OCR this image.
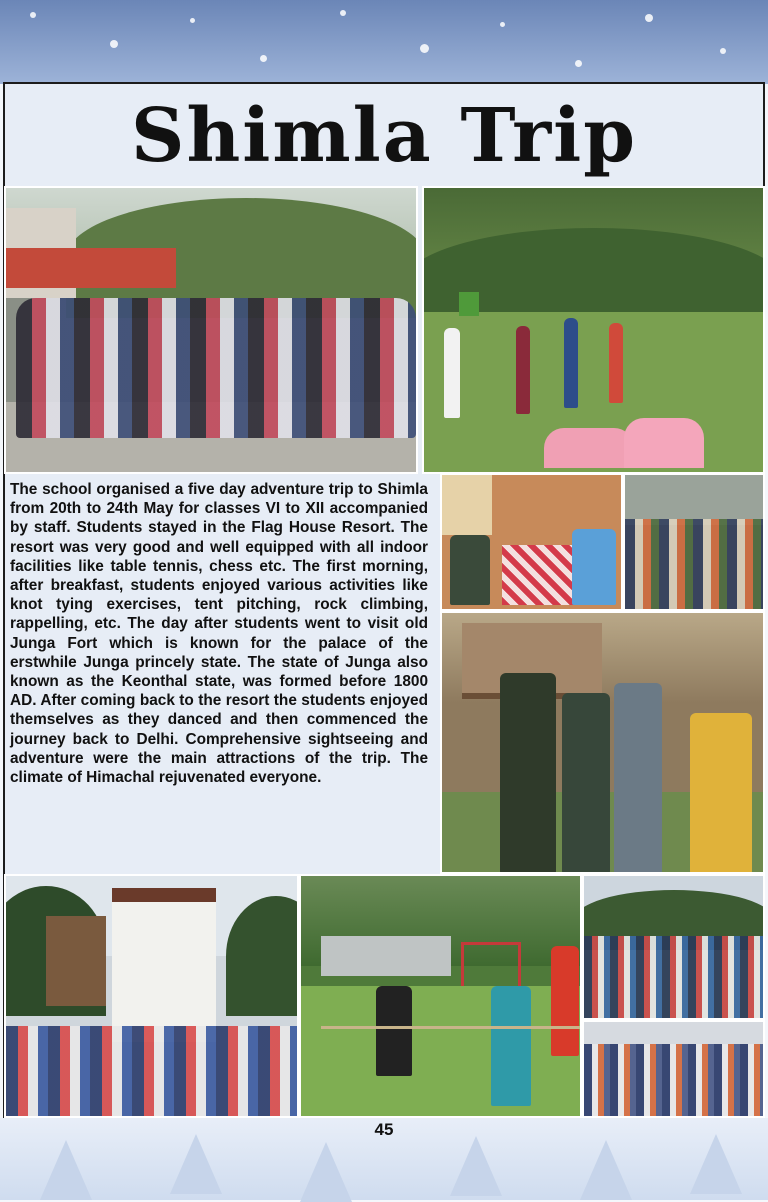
Shimla Trip

The school organised a five day adventure trip to Shimla from 20th to 24th May for classes VI to XII accompanied by staff. Students stayed in the Flag House Resort. The resort was very good and well equipped with all indoor facilities like table tennis, chess etc. The first morning, after breakfast, students enjoyed various activities like knot tying exercises, tent pitching, rock climbing, rappelling, etc. The day after students went to visit old Junga Fort which is known for the palace of the erstwhile Junga princely state. The state of Junga also known as the Keonthal state, was formed before 1800 AD. After coming back to the resort the students enjoyed themselves as they danced and then commenced the journey back to Delhi. Comprehensive sightseeing and adventure were the main attractions of the trip. The climate of Himachal rejuvenated everyone.

45
